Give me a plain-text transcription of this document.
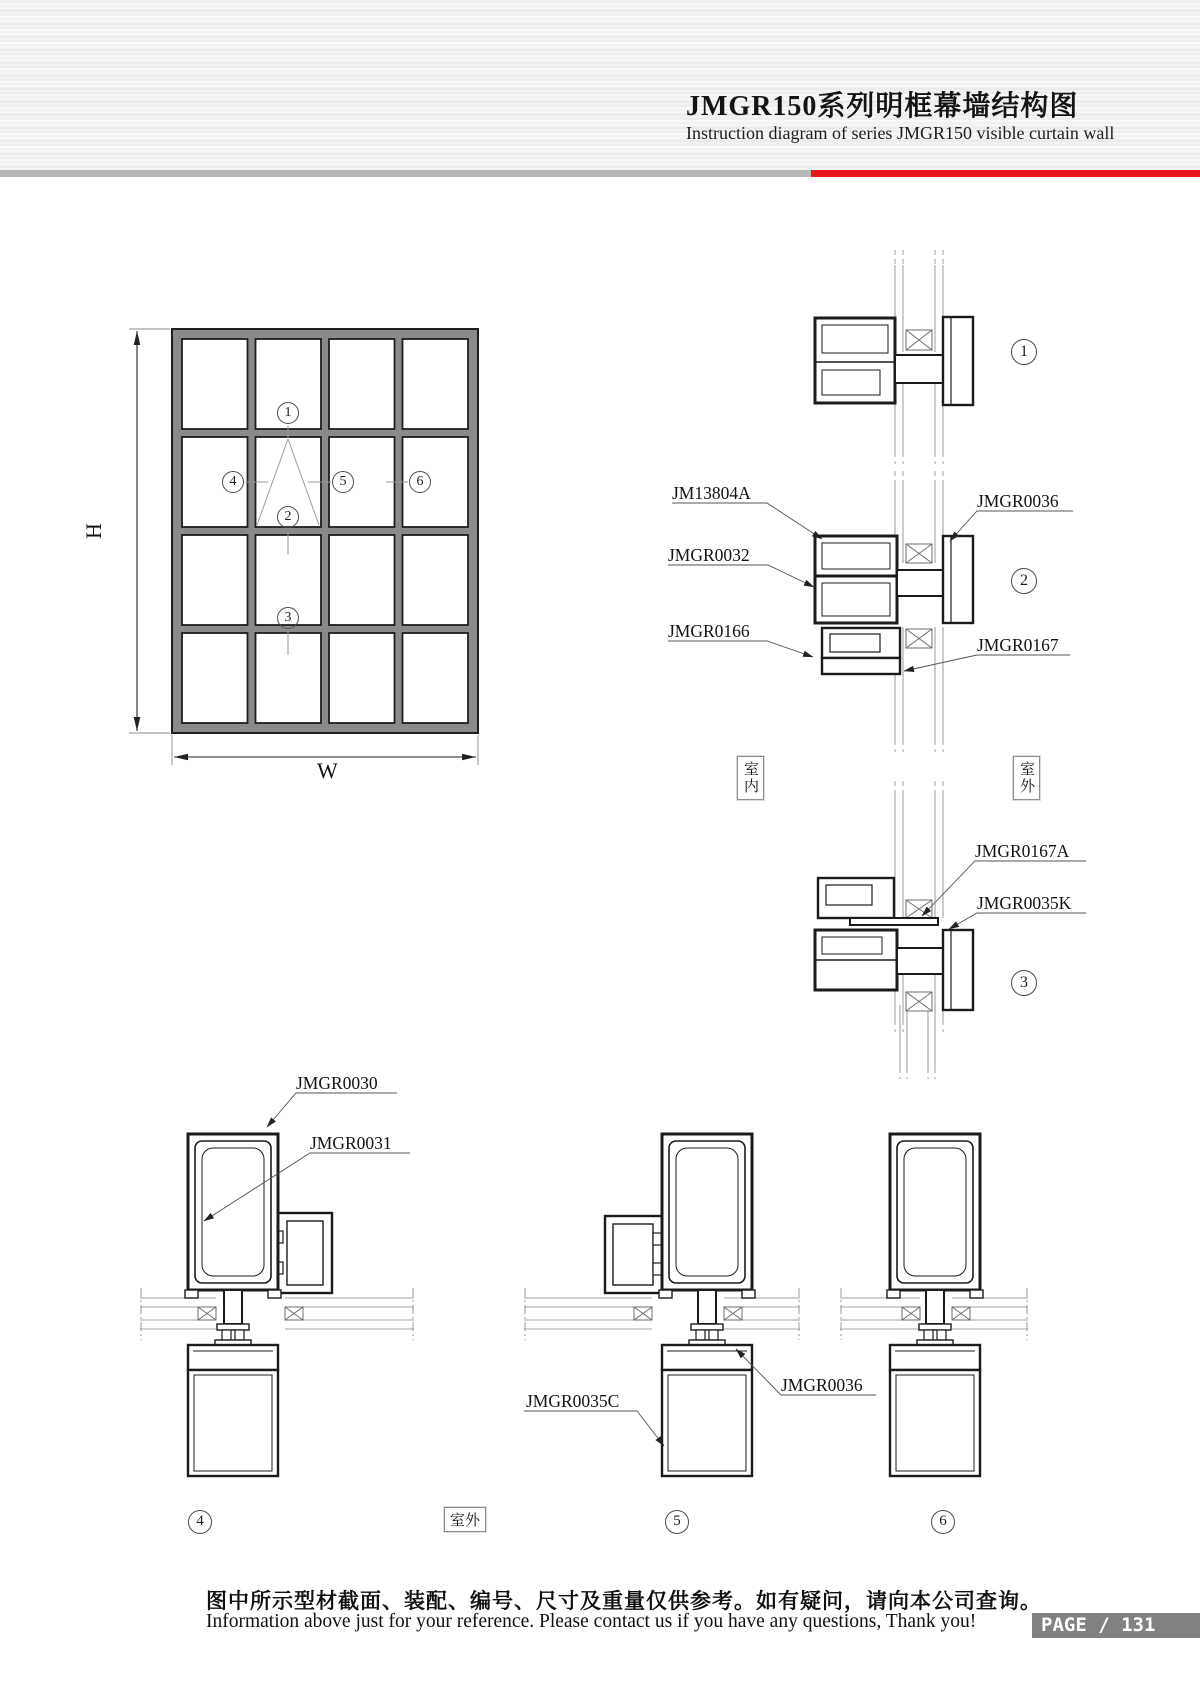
JMGR150系列明框幕墙结构图
Instruction diagram of series JMGR150 visible curtain wall
H
W
1
2
3
4	5	6
1
2
3
4	5	6
室内	室外
室外
JM13804A
JMGR0032
JMGR0166
JMGR0036
JMGR0167
JMGR0167A
JMGR0035K
JMGR0030
JMGR0031
JMGR0035C
JMGR0036
图中所示型材截面、装配、编号、尺寸及重量仅供参考。如有疑问，请向本公司查询。
Information above just for your reference. Please contact us if you have any questions, Thank you!	PAGE / 131
